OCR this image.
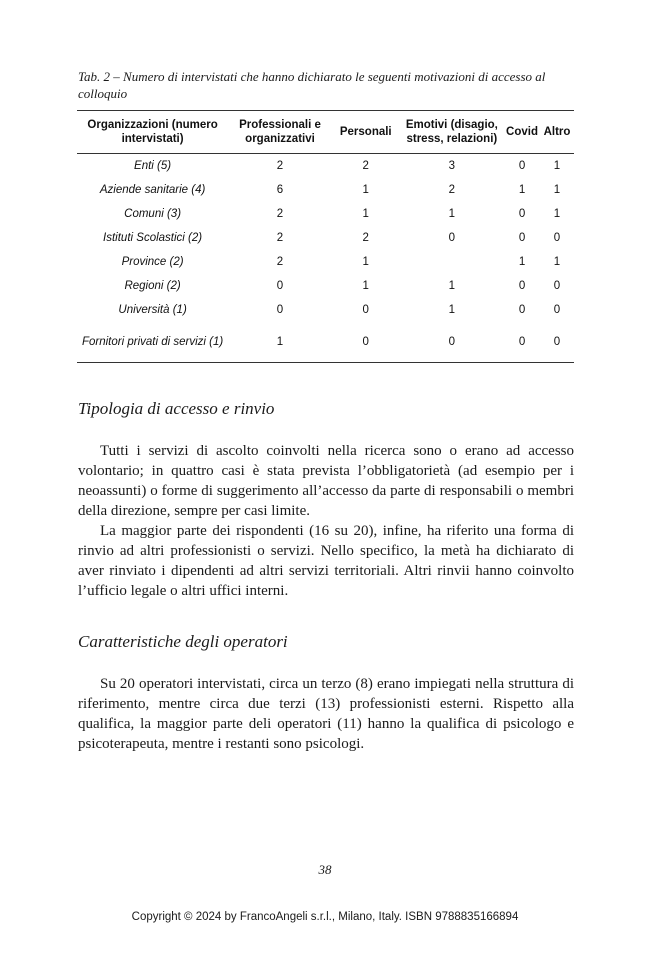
Tab. 2 – Numero di intervistati che hanno dichiarato le seguenti motivazioni di accesso al colloquio
Organizzazioni (numero intervistati)	Professionali e organizzativi	Personali	Emotivi (disagio, stress, relazioni)	Covid	Altro
Enti (5)	2	2	3	0	1
Aziende sanitarie (4)	6	1	2	1	1
Comuni (3)	2	1	1	0	1
Istituti Scolastici (2)	2	2	0	0	0
Province (2)	2	1		1	1
Regioni (2)	0	1	1	0	0
Università (1)	0	0	1	0	0
Fornitori privati di servizi (1)	1	0	0	0	0
Tipologia di accesso e rinvio

Tutti i servizi di ascolto coinvolti nella ricerca sono o erano ad accesso volontario; in quattro casi è stata prevista l’obbligatorietà (ad esempio per i neoassunti) o forme di suggerimento all’accesso da parte di responsabili o membri della direzione, sempre per casi limite.

La maggior parte dei rispondenti (16 su 20), infine, ha riferito una forma di rinvio ad altri professionisti o servizi. Nello specifico, la metà ha dichiarato di aver rinviato i dipendenti ad altri servizi territoriali. Altri rinvii hanno coinvolto l’ufficio legale o altri uffici interni.

Caratteristiche degli operatori

Su 20 operatori intervistati, circa un terzo (8) erano impiegati nella struttura di riferimento, mentre circa due terzi (13) professionisti esterni. Rispetto alla qualifica, la maggior parte deli operatori (11) hanno la qualifica di psicologo e psicoterapeuta, mentre i restanti sono psicologi.

38
Copyright © 2024 by FrancoAngeli s.r.l., Milano, Italy. ISBN 9788835166894
